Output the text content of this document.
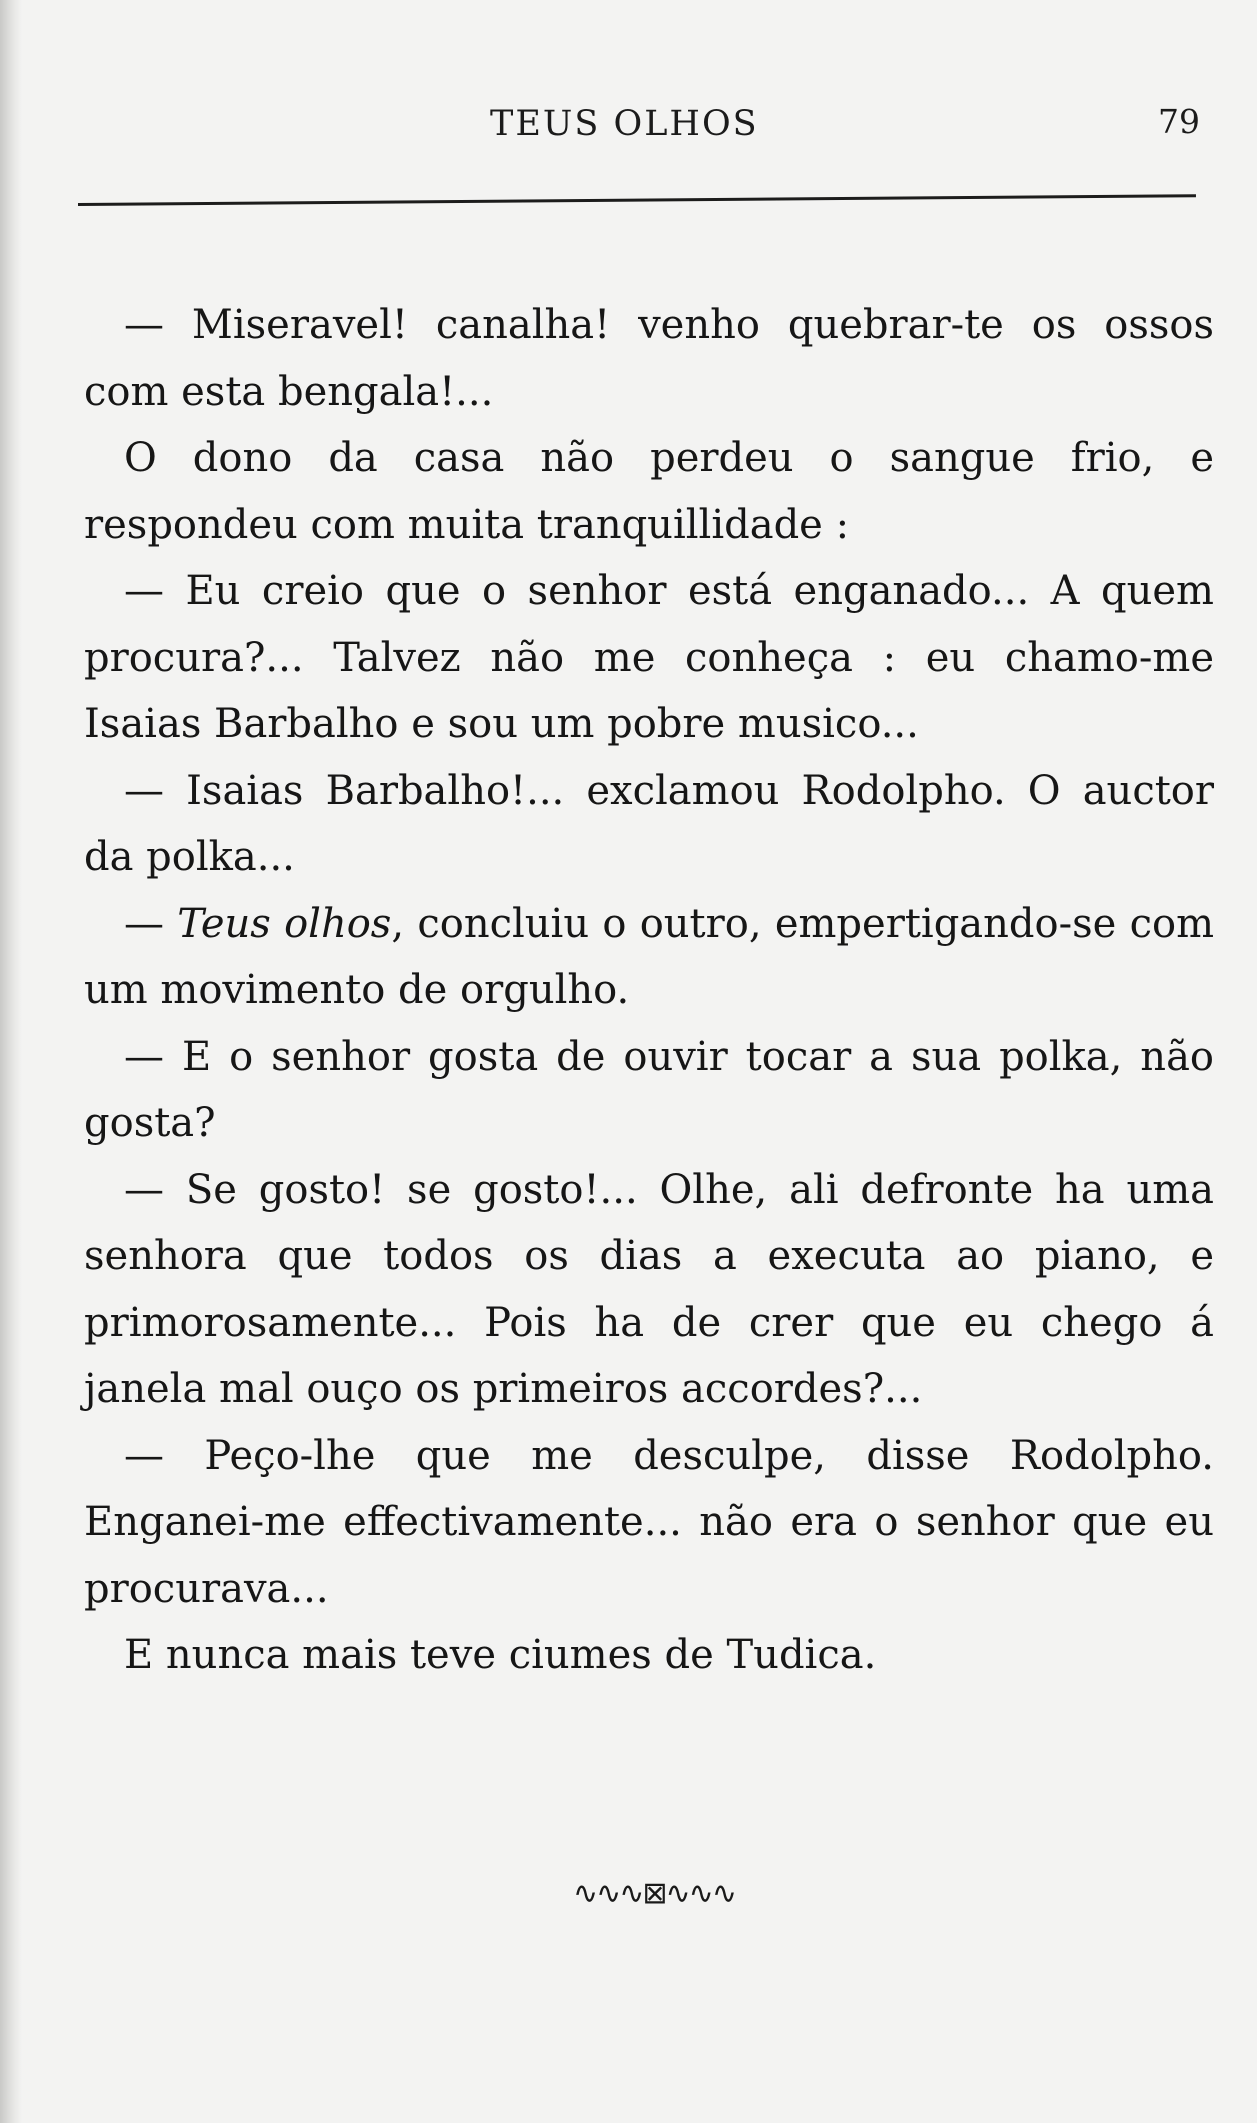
TEUS OLHOS	79

— Miseravel! canalha! venho quebrar-te os ossos com esta bengala!...

O dono da casa não perdeu o sangue frio, e respondeu com muita tranquillidade :

— Eu creio que o senhor está enganado... A quem procura?... Talvez não me conheça : eu chamo-me Isaias Barbalho e sou um pobre musico...

— Isaias Barbalho!... exclamou Rodolpho. O auctor da polka...

— Teus olhos, concluiu o outro, empertigando-se com um movimento de orgulho.

— E o senhor gosta de ouvir tocar a sua polka, não gosta?

— Se gosto! se gosto!... Olhe, ali defronte ha uma senhora que todos os dias a executa ao piano, e primorosamente... Pois ha de crer que eu chego á janela mal ouço os primeiros accordes?...

— Peço-lhe que me desculpe, disse Rodolpho. Enganei-me effectivamente... não era o senhor que eu procurava...

E nunca mais teve ciumes de Tudica.

∿∿∿⊠∿∿∿
